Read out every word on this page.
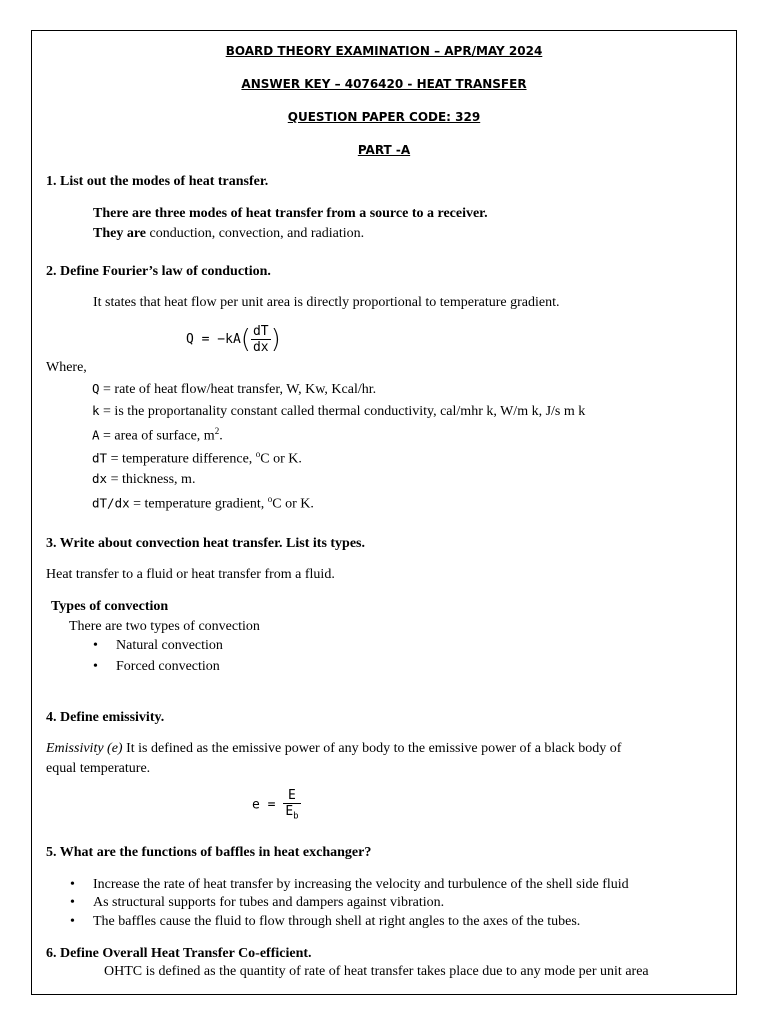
BOARD THEORY EXAMINATION – APR/MAY 2024
ANSWER KEY – 4076420 - HEAT TRANSFER
QUESTION PAPER CODE: 329
PART -A
1. List out the modes of heat transfer.
There are three modes of heat transfer from a source to a receiver.
They are conduction, convection, and radiation.
2. Define Fourier’s law of conduction.
It states that heat flow per unit area is directly proportional to temperature gradient.
$Q = -kA( \frac{dT}{dx}$ )
Where,
Q = rate of heat flow/heat transfer, W, Kw, Kcal/hr.
k = is the proportanality constant called thermal conductivity, cal/mhr k, W/m k, J/s m k
A = area of surface, $m^2$.
dT = temperature difference, $^o$C or K.
dx = thickness, m.
dT/dx = temperature gradient, $^o$C or K.
3. Write about convection heat transfer. List its types.
Heat transfer to a fluid or heat transfer from a fluid.
Types of convection
There are two types of convection
• Natural convection
• Forced convection
4. Define emissivity.
Emissivity (e) It is defined as the emissive power of any body to the emissive power of a black body of
equal temperature.
$e = \frac{E}{E_b}$
5. What are the functions of baffles in heat exchanger?
• Increase the rate of heat transfer by increasing the velocity and turbulence of the shell side fluid
• As structural supports for tubes and dampers against vibration.
• The baffles cause the fluid to flow through shell at right angles to the axes of the tubes.
6. Define Overall Heat Transfer Co-efficient.
OHTC is defined as the quantity of rate of heat transfer takes place due to any mode per unit area
